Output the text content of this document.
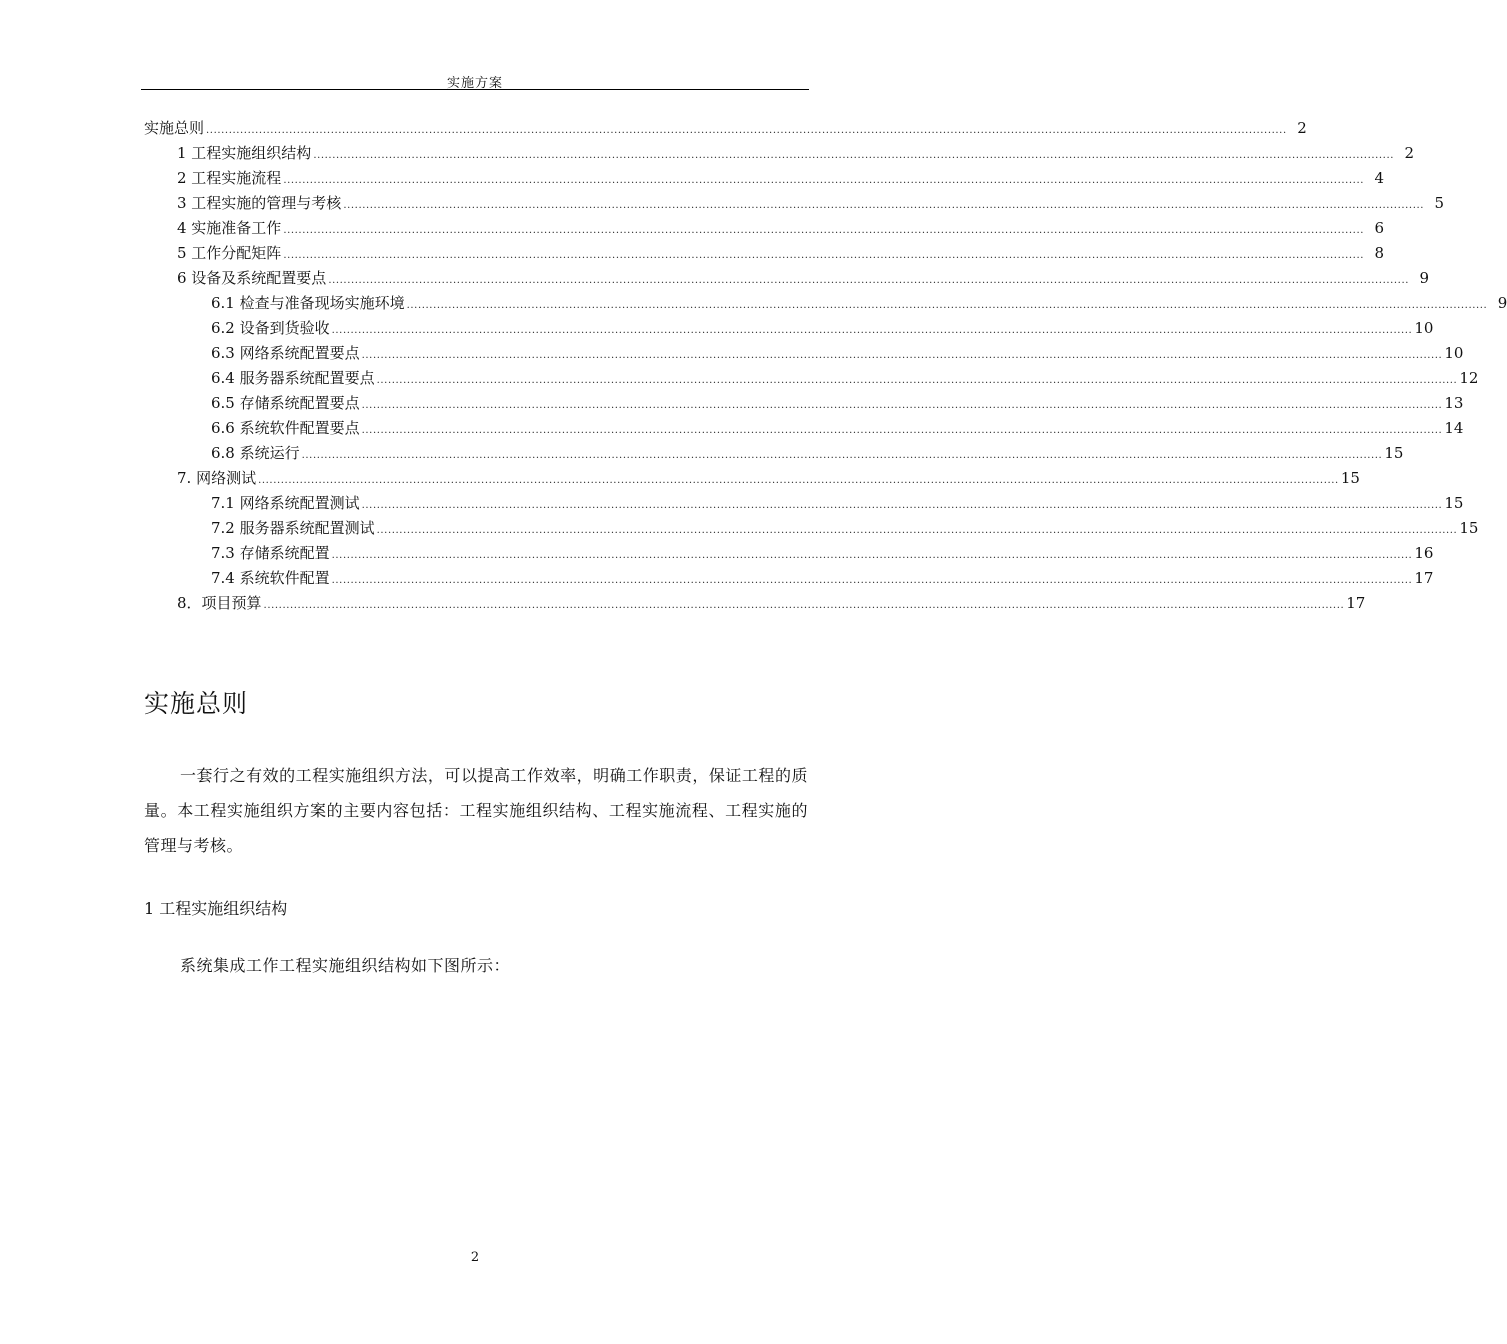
实施方案
实施总则 .............................................................................................................................................................................................................................................................................................. 2
1 工程实施组织结构 .............................................................................................................................................................................................................................................................................................. 2
2 工程实施流程 .............................................................................................................................................................................................................................................................................................. 4
3 工程实施的管理与考核 .............................................................................................................................................................................................................................................................................................. 5
4 实施准备工作 .............................................................................................................................................................................................................................................................................................. 6
5 工作分配矩阵 .............................................................................................................................................................................................................................................................................................. 8
6 设备及系统配置要点 .............................................................................................................................................................................................................................................................................................. 9
6.1 检查与准备现场实施环境 .............................................................................................................................................................................................................................................................................................. 9
6.2 设备到货验收 .............................................................................................................................................................................................................................................................................................. 10
6.3 网络系统配置要点 .............................................................................................................................................................................................................................................................................................. 10
6.4 服务器系统配置要点 .............................................................................................................................................................................................................................................................................................. 12
6.5 存储系统配置要点 .............................................................................................................................................................................................................................................................................................. 13
6.6 系统软件配置要点 .............................................................................................................................................................................................................................................................................................. 14
6.8 系统运行 .............................................................................................................................................................................................................................................................................................. 15
7. 网络测试 .............................................................................................................................................................................................................................................................................................. 15
7.1 网络系统配置测试 .............................................................................................................................................................................................................................................................................................. 15
7.2 服务器系统配置测试 .............................................................................................................................................................................................................................................................................................. 15
7.3 存储系统配置 .............................................................................................................................................................................................................................................................................................. 16
7.4 系统软件配置 .............................................................................................................................................................................................................................................................................................. 17
8．项目预算 .............................................................................................................................................................................................................................................................................................. 17
实施总则
一套行之有效的工程实施组织方法，可以提高工作效率，明确工作职责，保证工程的质量。本工程实施组织方案的主要内容包括：工程实施组织结构、工程实施流程、工程实施的管理与考核。
1 工程实施组织结构
系统集成工作工程实施组织结构如下图所示：
2
